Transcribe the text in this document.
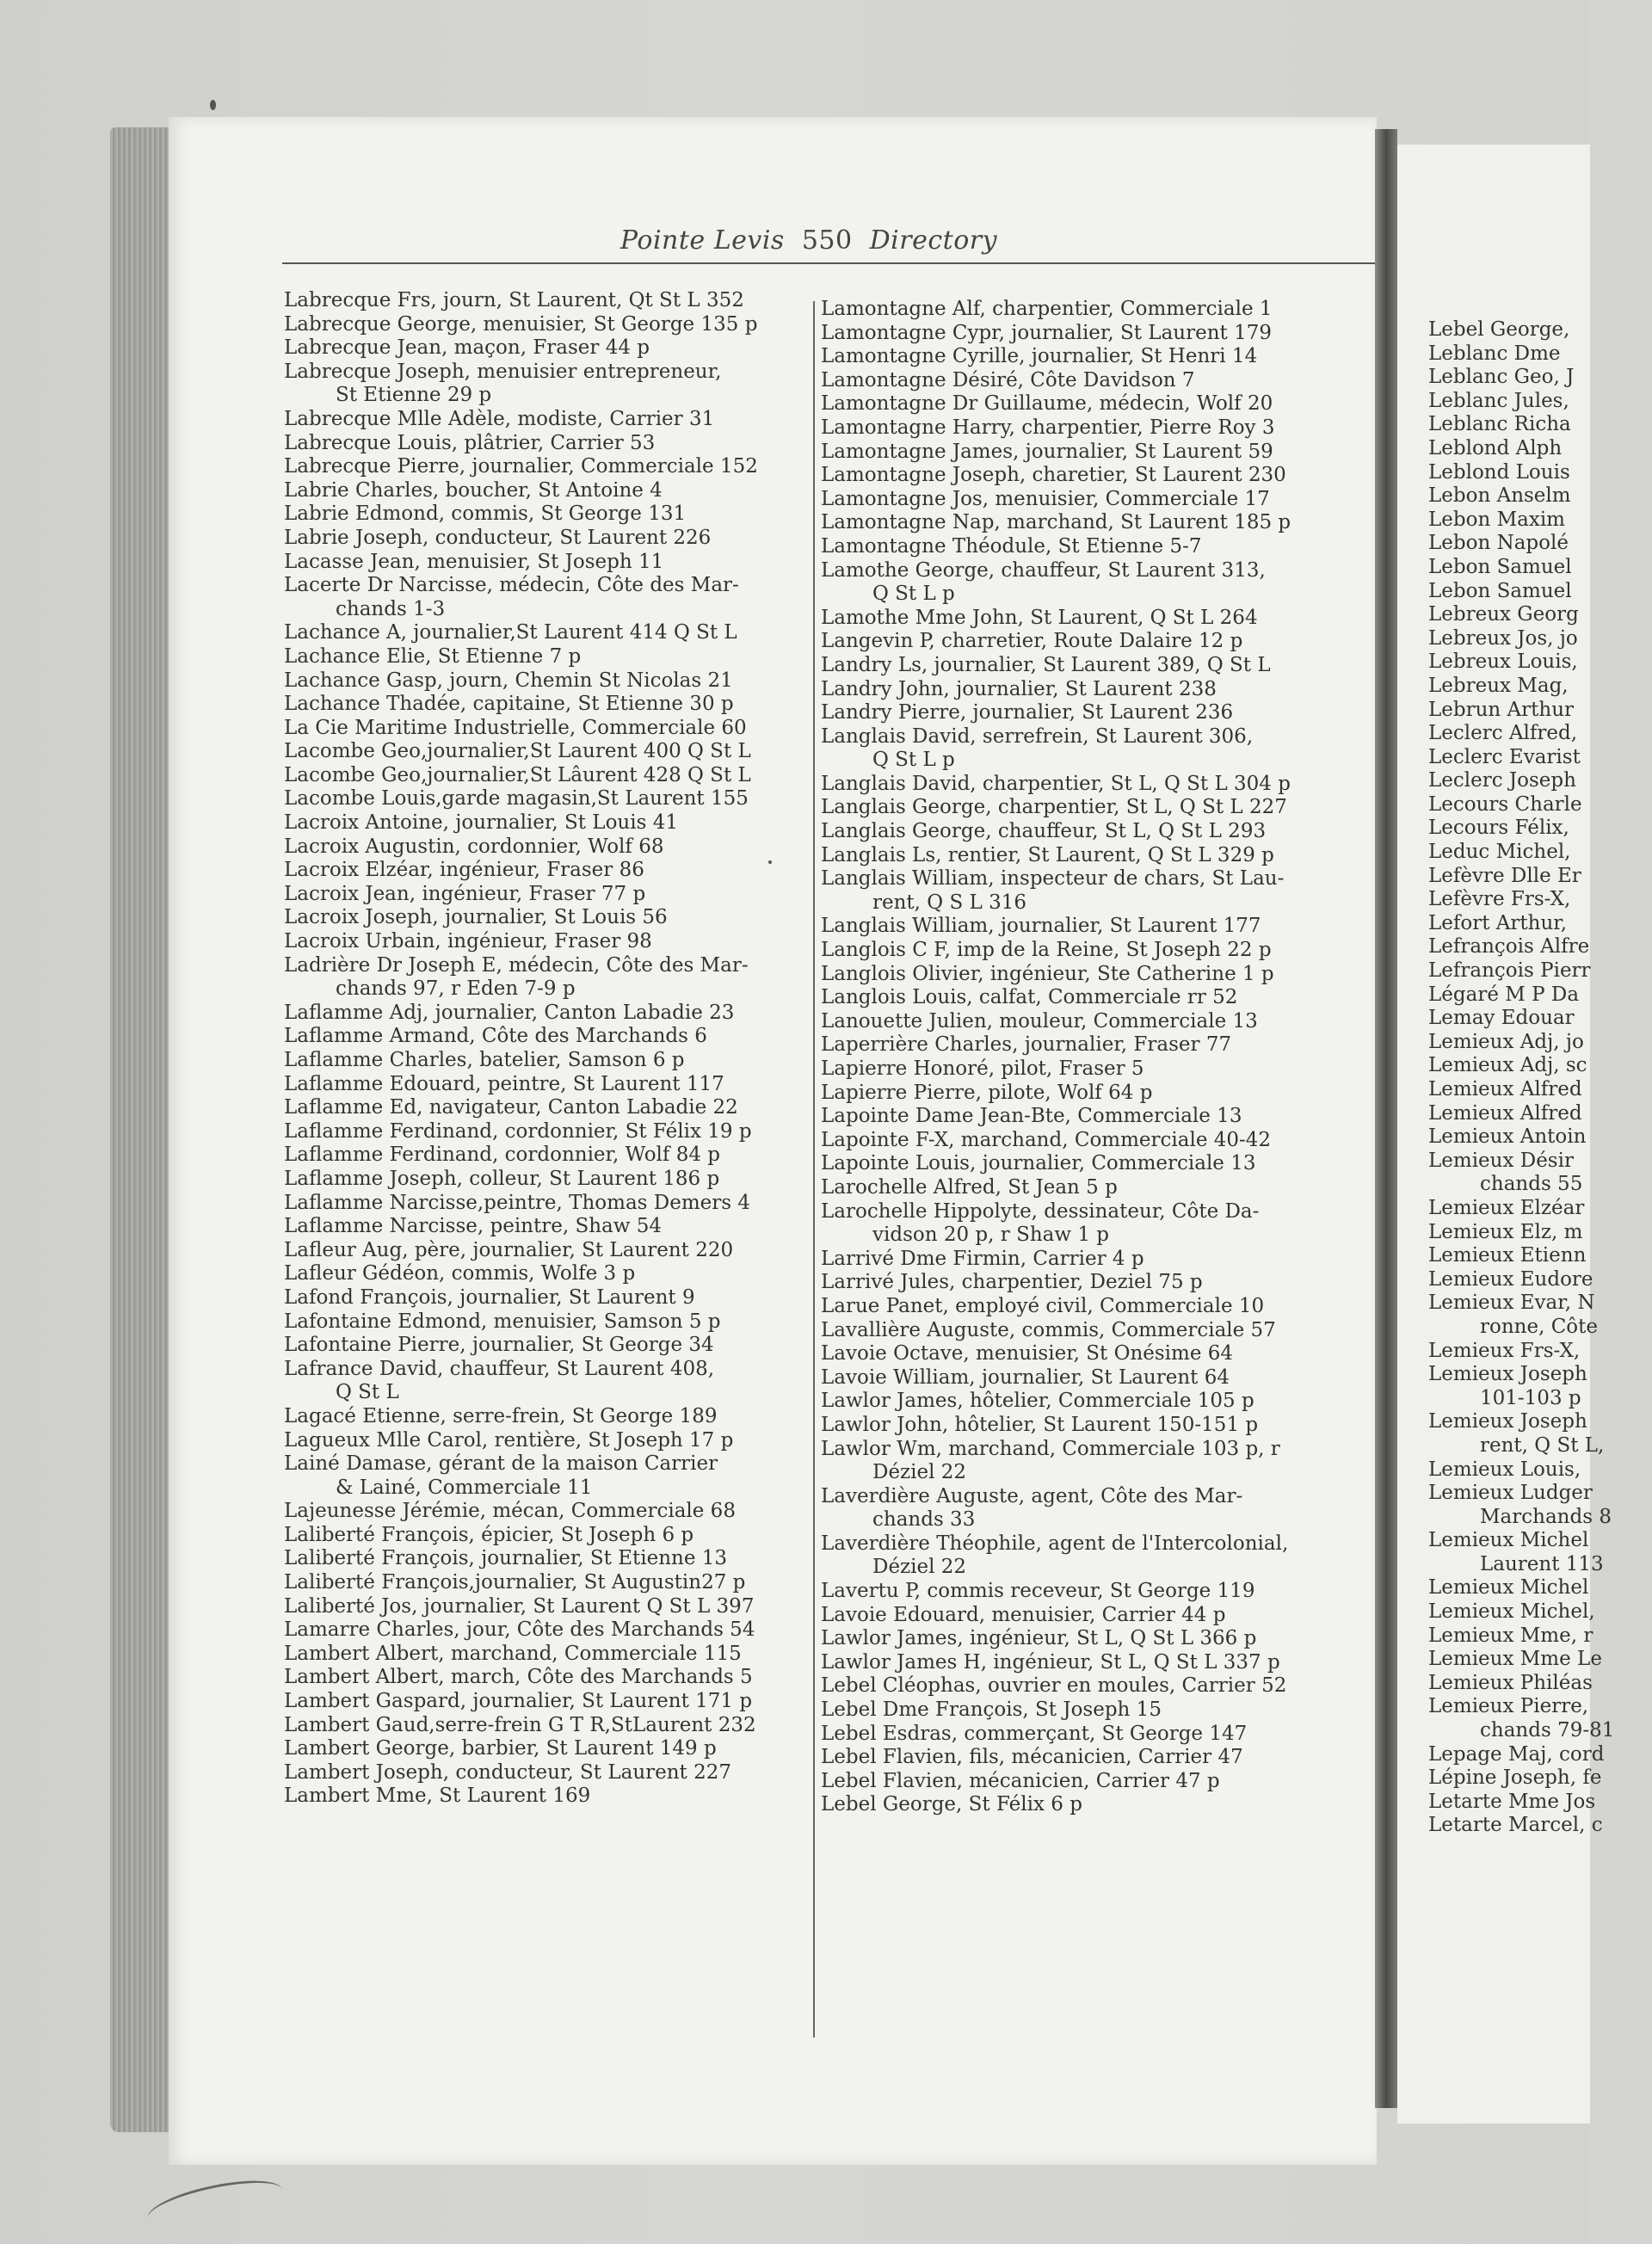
Lebel George,
Leblanc Dme
Leblanc Geo, J
Leblanc Jules,
Leblanc Richa
Leblond Alph
Leblond Louis
Lebon Anselm
Lebon Maxim
Lebon Napolé
Lebon Samuel
Lebon Samuel
Lebreux Georg
Lebreux Jos, jo
Lebreux Louis,
Lebreux Mag,
Lebrun Arthur
Leclerc Alfred,
Leclerc Evarist
Leclerc Joseph
Lecours Charle
Lecours Félix,
Leduc Michel,
Lefèvre Dlle Er
Lefèvre Frs-X,
Lefort Arthur,
Lefrançois Alfre
Lefrançois Pierr
Légaré M P Da
Lemay Edouar
Lemieux Adj, jo
Lemieux Adj, sc
Lemieux Alfred
Lemieux Alfred
Lemieux Antoin
Lemieux Désir
chands 55
Lemieux Elzéar
Lemieux Elz, m
Lemieux Etienn
Lemieux Eudore
Lemieux Evar, N
ronne, Côte
Lemieux Frs-X,
Lemieux Joseph
101-103 p
Lemieux Joseph
rent, Q St L,
Lemieux Louis,
Lemieux Ludger
Marchands 8
Lemieux Michel
Laurent 113
Lemieux Michel
Lemieux Michel,
Lemieux Mme, r
Lemieux Mme Le
Lemieux Philéas
Lemieux Pierre,
chands 79-81
Lepage Maj, cord
Lépine Joseph, fe
Letarte Mme Jos
Letarte Marcel, c
Pointe Levis 550 Directory
Labrecque Frs, journ, St Laurent, Qt St L 352
Labrecque George, menuisier, St George 135 p
Labrecque Jean, maçon, Fraser 44 p
Labrecque Joseph, menuisier entrepreneur,
St Etienne 29 p
Labrecque Mlle Adèle, modiste, Carrier 31
Labrecque Louis, plâtrier, Carrier 53
Labrecque Pierre, journalier, Commerciale 152
Labrie Charles, boucher, St Antoine 4
Labrie Edmond, commis, St George 131
Labrie Joseph, conducteur, St Laurent 226
Lacasse Jean, menuisier, St Joseph 11
Lacerte Dr Narcisse, médecin, Côte des Mar-
chands 1-3
Lachance A, journalier,St Laurent 414 Q St L
Lachance Elie, St Etienne 7 p
Lachance Gasp, journ, Chemin St Nicolas 21
Lachance Thadée, capitaine, St Etienne 30 p
La Cie Maritime Industrielle, Commerciale 60
Lacombe Geo,journalier,St Laurent 400 Q St L
Lacombe Geo,journalier,St Lâurent 428 Q St L
Lacombe Louis,garde magasin,St Laurent 155
Lacroix Antoine, journalier, St Louis 41
Lacroix Augustin, cordonnier, Wolf 68
Lacroix Elzéar, ingénieur, Fraser 86
Lacroix Jean, ingénieur, Fraser 77 p
Lacroix Joseph, journalier, St Louis 56
Lacroix Urbain, ingénieur, Fraser 98
Ladrière Dr Joseph E, médecin, Côte des Mar-
chands 97, r Eden 7-9 p
Laflamme Adj, journalier, Canton Labadie 23
Laflamme Armand, Côte des Marchands 6
Laflamme Charles, batelier, Samson 6 p
Laflamme Edouard, peintre, St Laurent 117
Laflamme Ed, navigateur, Canton Labadie 22
Laflamme Ferdinand, cordonnier, St Félix 19 p
Laflamme Ferdinand, cordonnier, Wolf 84 p
Laflamme Joseph, colleur, St Laurent 186 p
Laflamme Narcisse,peintre, Thomas Demers 4
Laflamme Narcisse, peintre, Shaw 54
Lafleur Aug, père, journalier, St Laurent 220
Lafleur Gédéon, commis, Wolfe 3 p
Lafond François, journalier, St Laurent 9
Lafontaine Edmond, menuisier, Samson 5 p
Lafontaine Pierre, journalier, St George 34
Lafrance David, chauffeur, St Laurent 408,
Q St L
Lagacé Etienne, serre-frein, St George 189
Lagueux Mlle Carol, rentière, St Joseph 17 p
Lainé Damase, gérant de la maison Carrier
& Lainé, Commerciale 11
Lajeunesse Jérémie, mécan, Commerciale 68
Laliberté François, épicier, St Joseph 6 p
Laliberté François, journalier, St Etienne 13
Laliberté François,journalier, St Augustin27 p
Laliberté Jos, journalier, St Laurent Q St L 397
Lamarre Charles, jour, Côte des Marchands 54
Lambert Albert, marchand, Commerciale 115
Lambert Albert, march, Côte des Marchands 5
Lambert Gaspard, journalier, St Laurent 171 p
Lambert Gaud,serre-frein G T R,StLaurent 232
Lambert George, barbier, St Laurent 149 p
Lambert Joseph, conducteur, St Laurent 227
Lambert Mme, St Laurent 169
Lamontagne Alf, charpentier, Commerciale 1
Lamontagne Cypr, journalier, St Laurent 179
Lamontagne Cyrille, journalier, St Henri 14
Lamontagne Désiré, Côte Davidson 7
Lamontagne Dr Guillaume, médecin, Wolf 20
Lamontagne Harry, charpentier, Pierre Roy 3
Lamontagne James, journalier, St Laurent 59
Lamontagne Joseph, charetier, St Laurent 230
Lamontagne Jos, menuisier, Commerciale 17
Lamontagne Nap, marchand, St Laurent 185 p
Lamontagne Théodule, St Etienne 5-7
Lamothe George, chauffeur, St Laurent 313,
Q St L p
Lamothe Mme John, St Laurent, Q St L 264
Langevin P, charretier, Route Dalaire 12 p
Landry Ls, journalier, St Laurent 389, Q St L
Landry John, journalier, St Laurent 238
Landry Pierre, journalier, St Laurent 236
Langlais David, serrefrein, St Laurent 306,
Q St L p
Langlais David, charpentier, St L, Q St L 304 p
Langlais George, charpentier, St L, Q St L 227
Langlais George, chauffeur, St L, Q St L 293
Langlais Ls, rentier, St Laurent, Q St L 329 p
Langlais William, inspecteur de chars, St Lau-
rent, Q S L 316
Langlais William, journalier, St Laurent 177
Langlois C F, imp de la Reine, St Joseph 22 p
Langlois Olivier, ingénieur, Ste Catherine 1 p
Langlois Louis, calfat, Commerciale rr 52
Lanouette Julien, mouleur, Commerciale 13
Laperrière Charles, journalier, Fraser 77
Lapierre Honoré, pilot, Fraser 5
Lapierre Pierre, pilote, Wolf 64 p
Lapointe Dame Jean-Bte, Commerciale 13
Lapointe F-X, marchand, Commerciale 40-42
Lapointe Louis, journalier, Commerciale 13
Larochelle Alfred, St Jean 5 p
Larochelle Hippolyte, dessinateur, Côte Da-
vidson 20 p, r Shaw 1 p
Larrivé Dme Firmin, Carrier 4 p
Larrivé Jules, charpentier, Deziel 75 p
Larue Panet, employé civil, Commerciale 10
Lavallière Auguste, commis, Commerciale 57
Lavoie Octave, menuisier, St Onésime 64
Lavoie William, journalier, St Laurent 64
Lawlor James, hôtelier, Commerciale 105 p
Lawlor John, hôtelier, St Laurent 150-151 p
Lawlor Wm, marchand, Commerciale 103 p, r
Déziel 22
Laverdière Auguste, agent, Côte des Mar-
chands 33
Laverdière Théophile, agent de l'Intercolonial,
Déziel 22
Lavertu P, commis receveur, St George 119
Lavoie Edouard, menuisier, Carrier 44 p
Lawlor James, ingénieur, St L, Q St L 366 p
Lawlor James H, ingénieur, St L, Q St L 337 p
Lebel Cléophas, ouvrier en moules, Carrier 52
Lebel Dme François, St Joseph 15
Lebel Esdras, commerçant, St George 147
Lebel Flavien, fils, mécanicien, Carrier 47
Lebel Flavien, mécanicien, Carrier 47 p
Lebel George, St Félix 6 p
